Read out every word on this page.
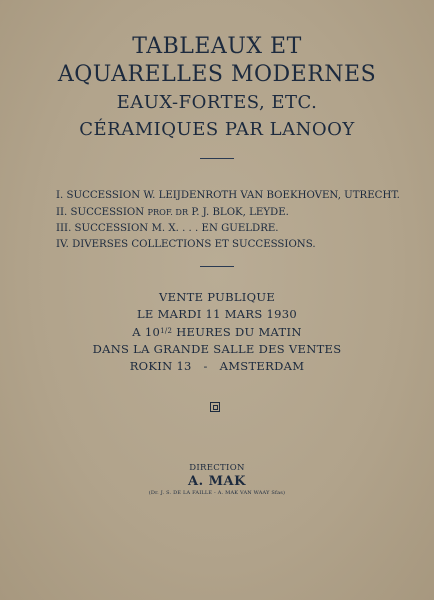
TABLEAUX ET
AQUARELLES MODERNES
EAUX-FORTES, ETC.
CÉRAMIQUES PAR LANOOY
I. SUCCESSION W. LEIJDENROTH VAN BOEKHOVEN, UTRECHT.
II. SUCCESSION PROF. DR P. J. BLOK, LEYDE.
III. SUCCESSION M. X. . . . EN GUELDRE.
IV. DIVERSES COLLECTIONS ET SUCCESSIONS.
VENTE PUBLIQUE
LE MARDI 11 MARS 1930
A $10^{1/2}$ HEURES DU MATIN
DANS LA GRANDE SALLE DES VENTES
ROKIN 13   -   AMSTERDAM
DIRECTION
A. MAK
(Dr. J. S. DE LA FAILLE - A. MAK VAN WAAY Sfas)
